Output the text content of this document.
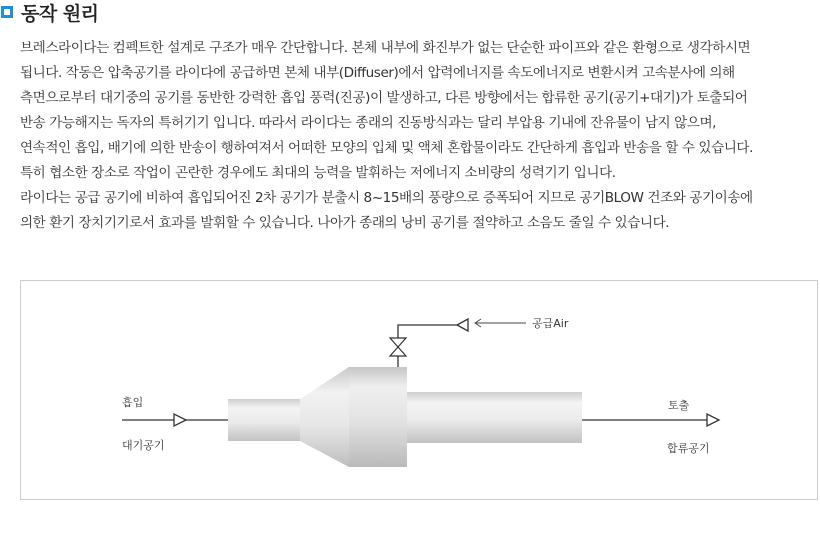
동작 원리

브레스라이다는 컴펙트한 설계로 구조가 매우 간단합니다. 본체 내부에 화진부가 없는 단순한 파이프와 같은 환형으로 생각하시면

됩니다. 작동은 압축공기를 라이다에 공급하면 본체 내부(Diffuser)에서 압력에너지를 속도에너지로 변환시켜 고속분사에 의해

측면으로부터 대기중의 공기를 동반한 강력한 흡입 풍력(진공)이 발생하고, 다른 방향에서는 합류한 공기(공기+대기)가 토출되어

반송 가능해지는 독자의 특허기기 입니다. 따라서 라이다는 종래의 진동방식과는 달리 부압용 기내에 잔유물이 남지 않으며,

연속적인 흡입, 배기에 의한 반송이 행하여져서 어떠한 모양의 입체 및 액체 혼합물이라도 간단하게 흡입과 반송을 할 수 있습니다.

특히 협소한 장소로 작업이 곤란한 경우에도 최대의 능력을 발휘하는 저에너지 소비량의 성력기기 입니다.

라이다는 공급 공기에 비하여 흡입되어진 2차 공기가 분출시 8~15배의 풍량으로 증폭되어 지므로 공기BLOW 건조와 공기이송에

의한 환기 장치기기로서 효과를 발휘할 수 있습니다. 나아가 종래의 낭비 공기를 절약하고 소음도 줄일 수 있습니다.

공급Air
흡입
대기공기
토출
합류공기
